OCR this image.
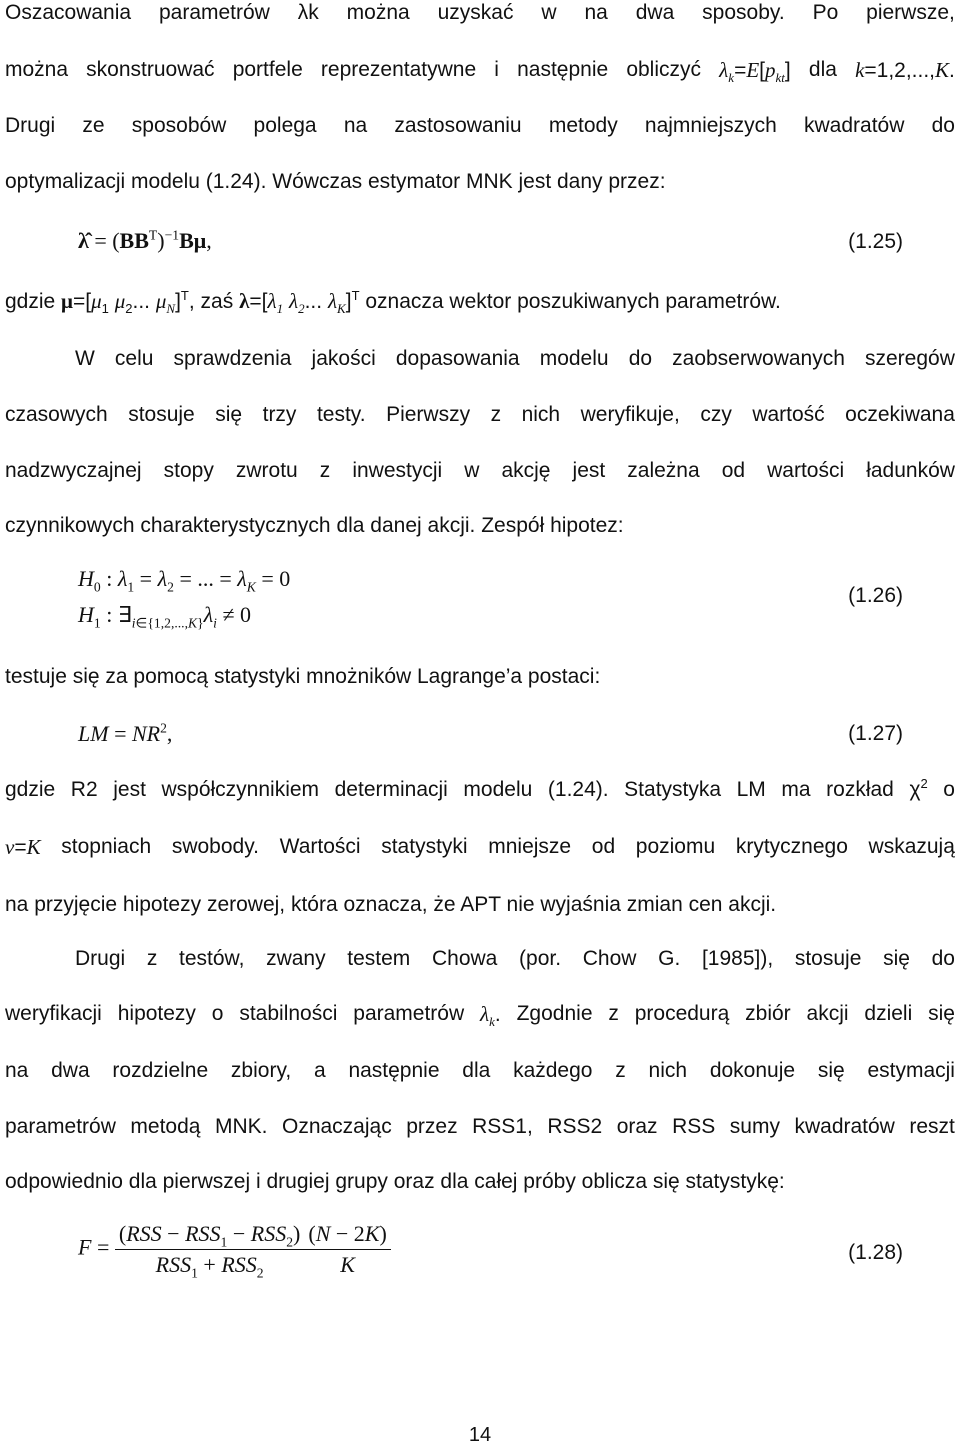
Oszacowania parametrów λk można uzyskać w na dwa sposoby. Po pierwsze,
można skonstruować portfele reprezentatywne i następnie obliczyć $\lambda_k=E[p_{kt}]$ dla k=1,2,...,K.
Drugi ze sposobów polega na zastosowaniu metody najmniejszych kwadratów do
optymalizacji modelu (1.24). Wówczas estymator MNK jest dany przez:
λ̂ = $(BB^T)^{-1}B\mu$,	(1.25)
gdzie $\mu=[\mu_1$ $\mu_2$... $\mu_N]^T$, zaś $\lambda=[\lambda_1$ $\lambda_2$... $\lambda_K]^T$ oznacza wektor poszukiwanych parametrów.
W celu sprawdzenia jakości dopasowania modelu do zaobserwowanych szeregów
czasowych stosuje się trzy testy. Pierwszy z nich weryfikuje, czy wartość oczekiwana
nadzwyczajnej stopy zwrotu z inwestycji w akcję jest zależna od wartości ładunków
czynnikowych charakterystycznych dla danej akcji. Zespół hipotez:
$H_0$ : $\lambda_1 = \lambda_2$ = ... = $\lambda_K = 0$
$H_1$ : $\exists_{i\in\{1,2,...,K\}}\lambda_i \ne 0$
(1.26)
testuje się za pomocą statystyki mnożników Lagrange’a postaci:
LM = $NR^2$,	(1.27)
gdzie R2 jest współczynnikiem determinacji modelu (1.24). Statystyka LM ma rozkład $\chi^2$ o
ν=K stopniach swobody. Wartości statystyki mniejsze od poziomu krytycznego wskazują
na przyjęcie hipotezy zerowej, która oznacza, że APT nie wyjaśnia zmian cen akcji.
Drugi z testów, zwany testem Chowa (por. Chow G. [1985]), stosuje się do
weryfikacji hipotezy o stabilności parametrów $\lambda_k$. Zgodnie z procedurą zbiór akcji dzieli się
na dwa rozdzielne zbiory, a następnie dla każdego z nich dokonuje się estymacji
parametrów metodą MNK. Oznaczając przez RSS1, RSS2 oraz RSS sumy kwadratów reszt
odpowiednio dla pierwszej i drugiej grupy oraz dla całej próby oblicza się statystykę:
$F = \frac{(RSS - RSS_1 - RSS_2)}{RSS_1 + RSS_2} \frac{(N - 2K)}{K}$	(1.28)
14
